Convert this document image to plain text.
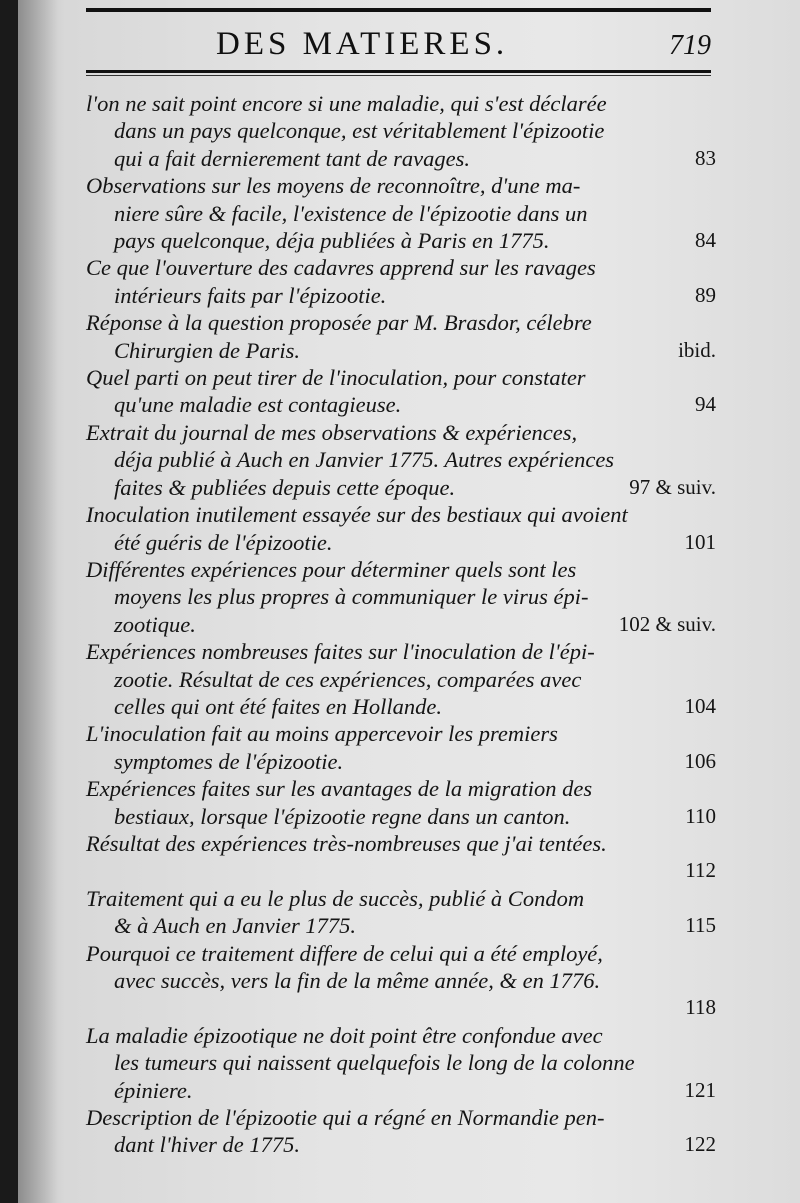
DES MATIERES.	719
l'on ne sait point encore si une maladie, qui s'est déclarée
dans un pays quelconque, est véritablement l'épizootie
qui a fait dernierement tant de ravages.	83
Observations sur les moyens de reconnoître, d'une ma-
niere sûre & facile, l'existence de l'épizootie dans un
pays quelconque, déja publiées à Paris en 1775.	84
Ce que l'ouverture des cadavres apprend sur les ravages
intérieurs faits par l'épizootie.	89
Réponse à la question proposée par M. Brasdor, célebre
Chirurgien de Paris.	ibid.
Quel parti on peut tirer de l'inoculation, pour constater
qu'une maladie est contagieuse.	94
Extrait du journal de mes observations & expériences,
déja publié à Auch en Janvier 1775. Autres expériences
faites & publiées depuis cette époque.	97 & suiv.
Inoculation inutilement essayée sur des bestiaux qui avoient
été guéris de l'épizootie.	101
Différentes expériences pour déterminer quels sont les
moyens les plus propres à communiquer le virus épi-
zootique.	102 & suiv.
Expériences nombreuses faites sur l'inoculation de l'épi-
zootie. Résultat de ces expériences, comparées avec
celles qui ont été faites en Hollande.	104
L'inoculation fait au moins appercevoir les premiers
symptomes de l'épizootie.	106
Expériences faites sur les avantages de la migration des
bestiaux, lorsque l'épizootie regne dans un canton.	110
Résultat des expériences très-nombreuses que j'ai tentées.
112
Traitement qui a eu le plus de succès, publié à Condom
& à Auch en Janvier 1775.	115
Pourquoi ce traitement differe de celui qui a été employé,
avec succès, vers la fin de la même année, & en 1776.
118
La maladie épizootique ne doit point être confondue avec
les tumeurs qui naissent quelquefois le long de la colonne
épiniere.	121
Description de l'épizootie qui a régné en Normandie pen-
dant l'hiver de 1775.	122
